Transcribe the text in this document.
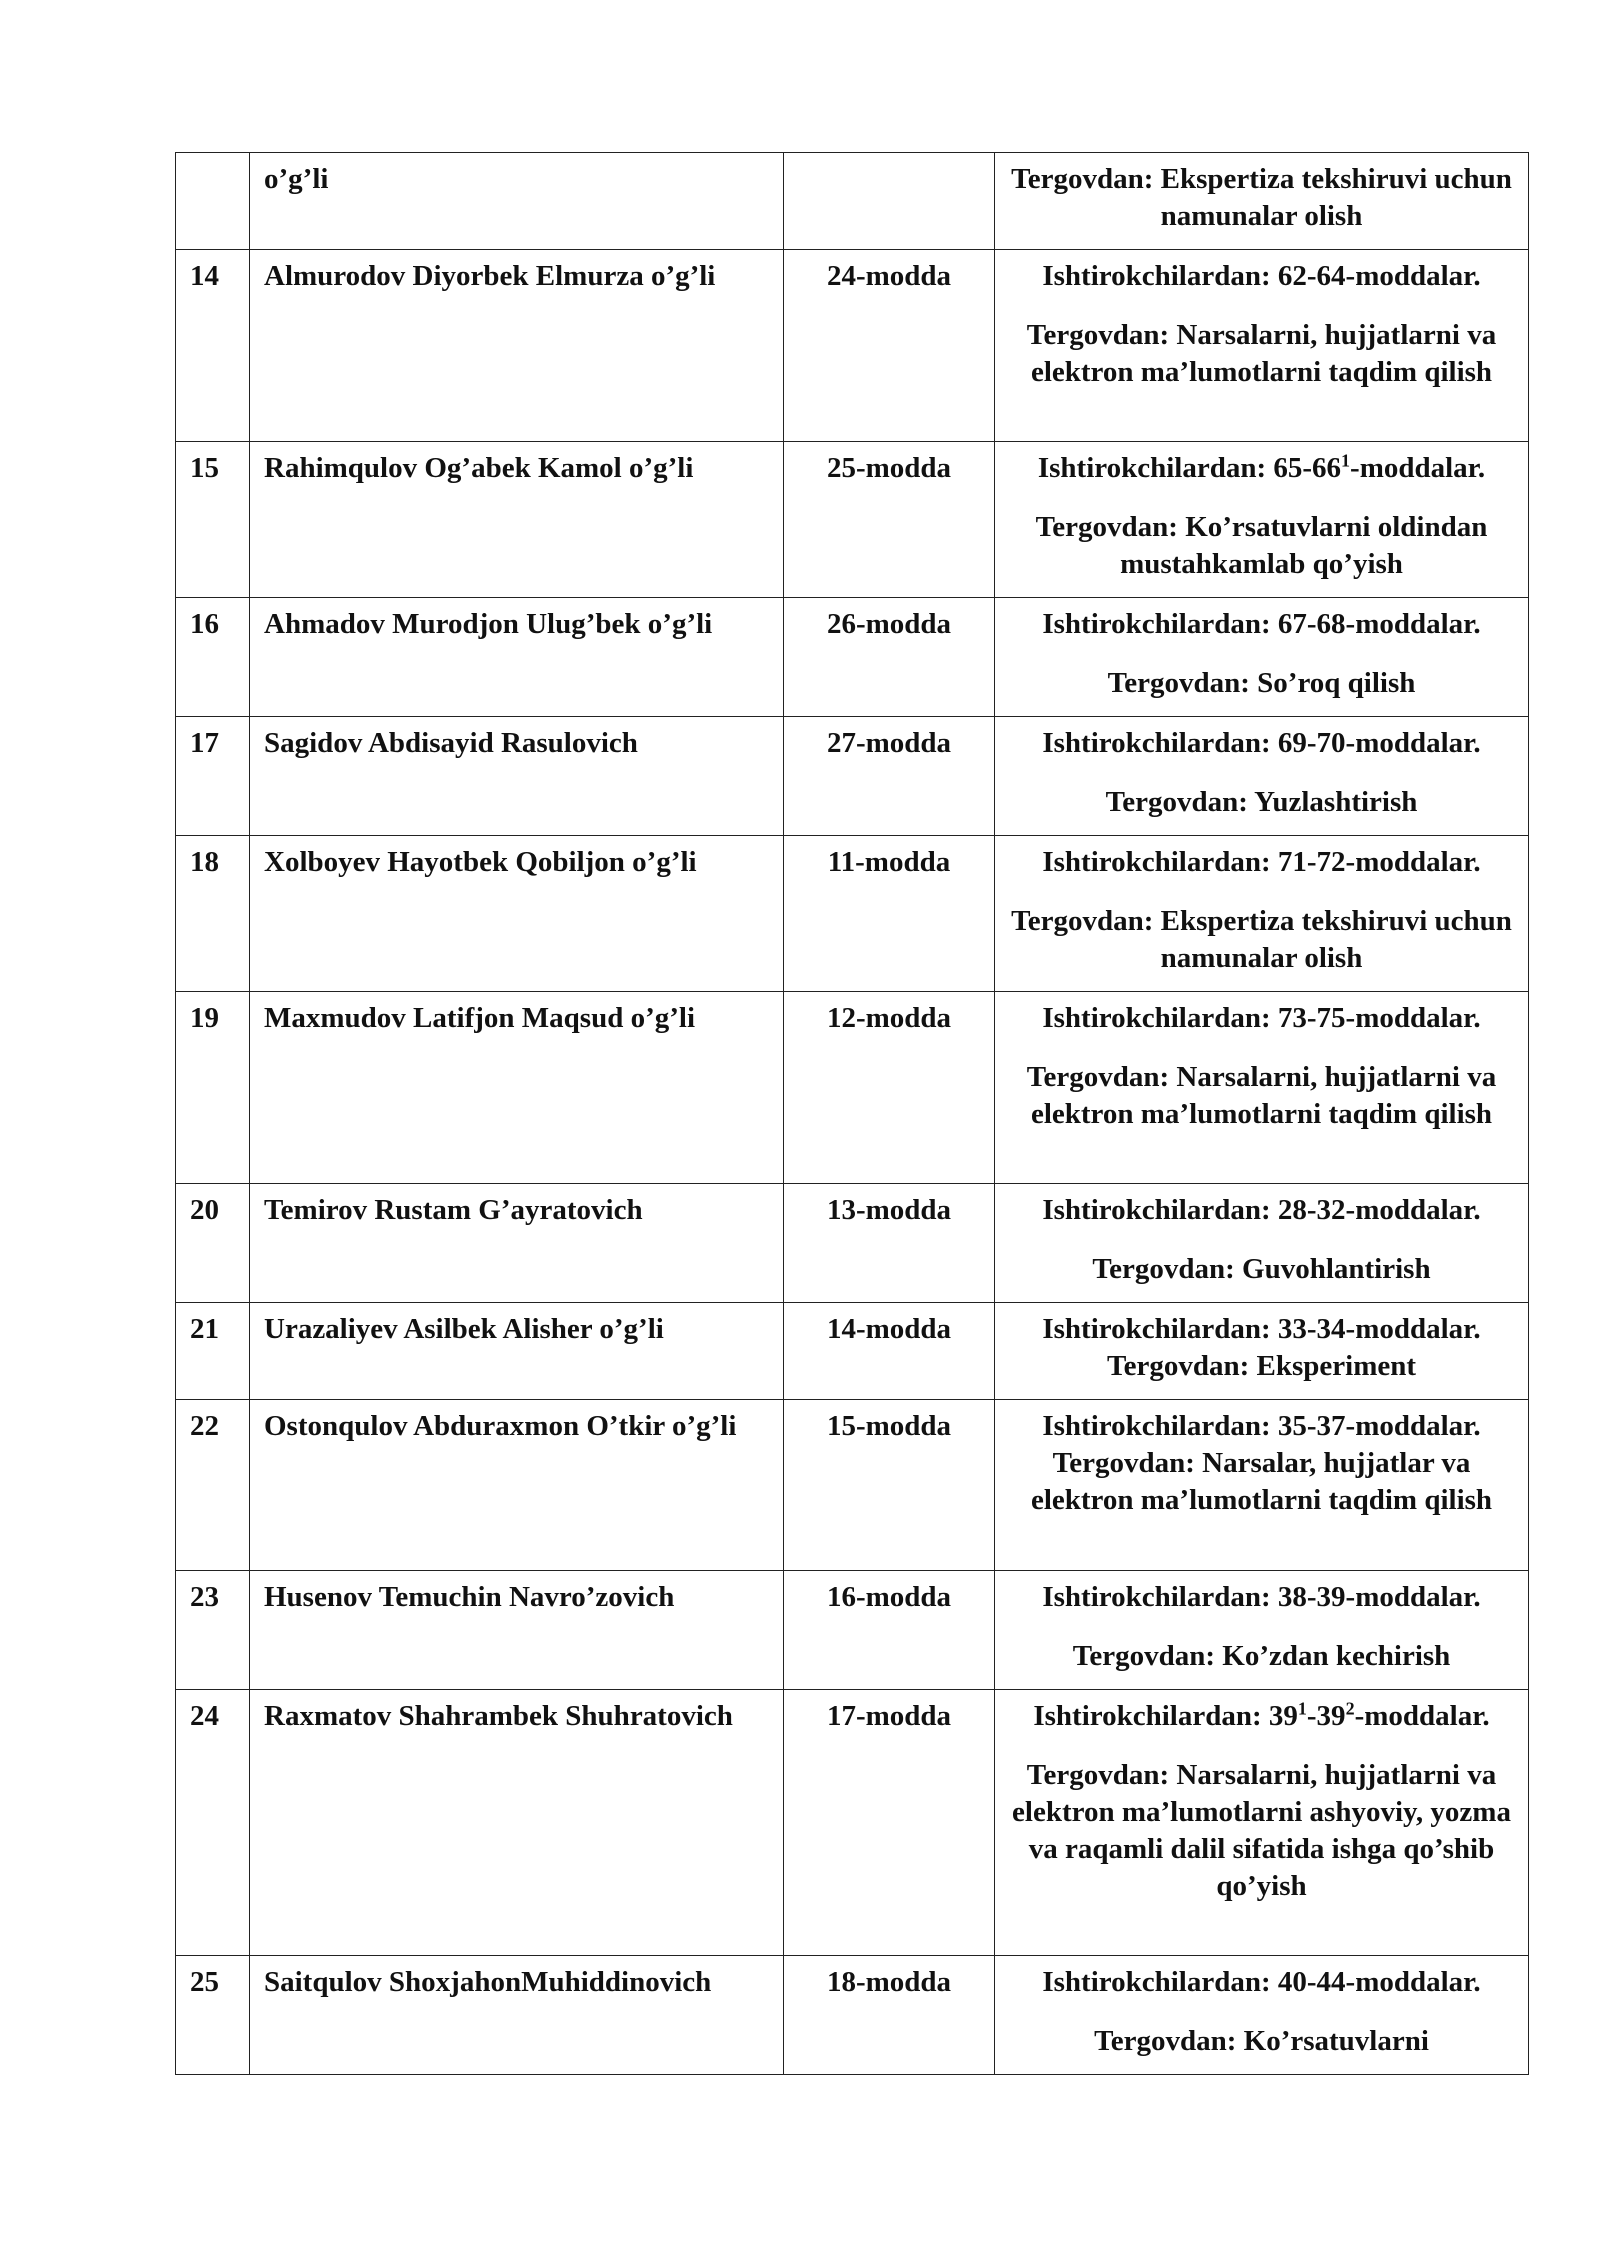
	o’g’li		Tergovdan: Ekspertiza tekshiruvi uchun namunalar olish

14	Almurodov Diyorbek Elmurza o’g’li	24-modda	Ishtirokchilardan: 62-64-moddalar.

Tergovdan: Narsalarni, hujjatlarni va elektron ma’lumotlarni taqdim qilish

15	Rahimqulov Og’abek Kamol o’g’li	25-modda	Ishtirokchilardan: $65-66^1$-moddalar.

Tergovdan: Ko’rsatuvlarni oldindan mustahkamlab qo’yish

16	Ahmadov Murodjon Ulug’bek o’g’li	26-modda	Ishtirokchilardan: 67-68-moddalar.

Tergovdan: So’roq qilish

17	Sagidov Abdisayid Rasulovich	27-modda	Ishtirokchilardan: 69-70-moddalar.

Tergovdan: Yuzlashtirish

18	Xolboyev Hayotbek Qobiljon o’g’li	11-modda	Ishtirokchilardan: 71-72-moddalar.

Tergovdan: Ekspertiza tekshiruvi uchun namunalar olish

19	Maxmudov Latifjon Maqsud o’g’li	12-modda	Ishtirokchilardan: 73-75-moddalar.

Tergovdan: Narsalarni, hujjatlarni va elektron ma’lumotlarni taqdim qilish

20	Temirov Rustam G’ayratovich	13-modda	Ishtirokchilardan: 28-32-moddalar.

Tergovdan: Guvohlantirish

21	Urazaliyev Asilbek Alisher o’g’li	14-modda	Ishtirokchilardan: 33-34-moddalar.

Tergovdan: Eksperiment

22	Ostonqulov Abduraxmon O’tkir o’g’li	15-modda	Ishtirokchilardan: 35-37-moddalar.

Tergovdan: Narsalar, hujjatlar va elektron ma’lumotlarni taqdim qilish

23	Husenov Temuchin Navro’zovich	16-modda	Ishtirokchilardan: 38-39-moddalar.

Tergovdan: Ko’zdan kechirish

24	Raxmatov Shahrambek Shuhratovich	17-modda	Ishtirokchilardan: $39^1-39^2$-moddalar.

Tergovdan: Narsalarni, hujjatlarni va elektron ma’lumotlarni ashyoviy, yozma va raqamli dalil sifatida ishga qo’shib qo’yish

25	Saitqulov ShoxjahonMuhiddinovich	18-modda	Ishtirokchilardan: 40-44-moddalar.

Tergovdan: Ko’rsatuvlarni
